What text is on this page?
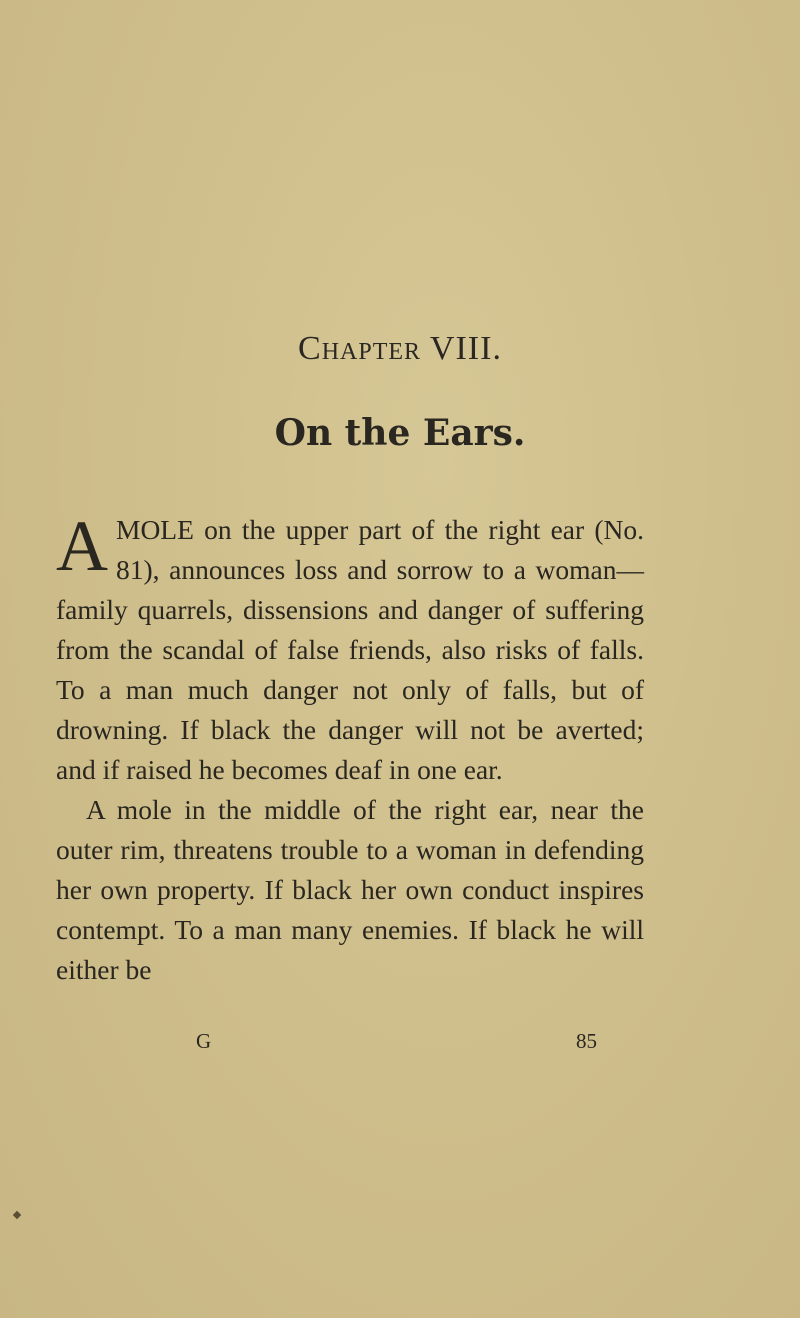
Chapter VIII.
On the Ears.

AMOLE on the upper part of the right ear (No. 81), announces loss and sorrow to a woman—family quarrels, dissensions and danger of suffering from the scandal of false friends, also risks of falls. To a man much danger not only of falls, but of drowning. If black the danger will not be averted; and if raised he becomes deaf in one ear.

A mole in the middle of the right ear, near the outer rim, threatens trouble to a woman in defending her own property. If black her own conduct inspires contempt. To a man many enemies. If black he will either be

G	85
